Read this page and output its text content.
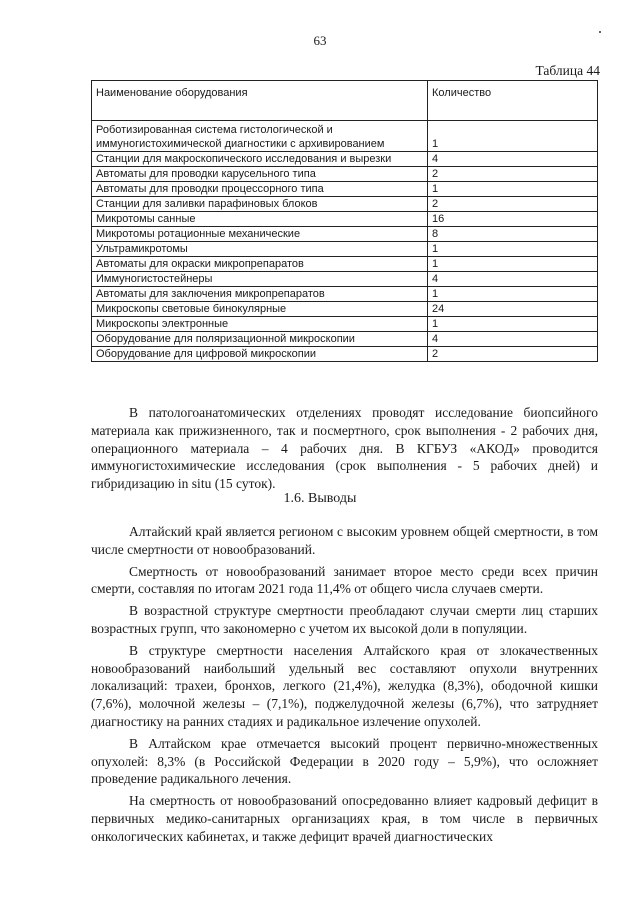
63
Таблица 44
Наименование оборудования	Количество
Роботизированная система гистологической и иммуногистохимической диагностики с архивированием	1
Станции для макроскопического исследования и вырезки	4
Автоматы для проводки карусельного типа	2
Автоматы для проводки процессорного типа	1
Станции для заливки парафиновых блоков	2
Микротомы санные	16
Микротомы ротационные механические	8
Ультрамикротомы	1
Автоматы для окраски микропрепаратов	1
Иммуногистостейнеры	4
Автоматы для заключения микропрепаратов	1
Микроскопы световые бинокулярные	24
Микроскопы электронные	1
Оборудование для поляризационной микроскопии	4
Оборудование для цифровой микроскопии	2

В патологоанатомических отделениях проводят исследование биопсийного материала как прижизненного, так и посмертного, срок выполнения - 2 рабочих дня, операционного материала – 4 рабочих дня. В КГБУЗ «АКОД» проводится иммуногистохимические исследования (срок выполнения - 5 рабочих дней) и гибридизацию in situ (15 суток).

1.6. Выводы

Алтайский край является регионом с высоким уровнем общей смертности, в том числе смертности от новообразований.

Смертность от новообразований занимает второе место среди всех причин смерти, составляя по итогам 2021 года 11,4% от общего числа случаев смерти.

В возрастной структуре смертности преобладают случаи смерти лиц старших возрастных групп, что закономерно с учетом их высокой доли в популяции.

В структуре смертности населения Алтайского края от злокачественных новообразований наибольший удельный вес составляют опухоли внутренних локализаций: трахеи, бронхов, легкого (21,4%), желудка (8,3%), ободочной кишки (7,6%), молочной железы – (7,1%), поджелудочной железы (6,7%), что затрудняет диагностику на ранних стадиях и радикальное излечение опухолей.

В Алтайском крае отмечается высокий процент первично-множественных опухолей: 8,3% (в Российской Федерации в 2020 году – 5,9%), что осложняет проведение радикального лечения.

На смертность от новообразований опосредованно влияет кадровый дефицит в первичных медико-санитарных организациях края, в том числе в первичных онкологических кабинетах, и также дефицит врачей диагностических
